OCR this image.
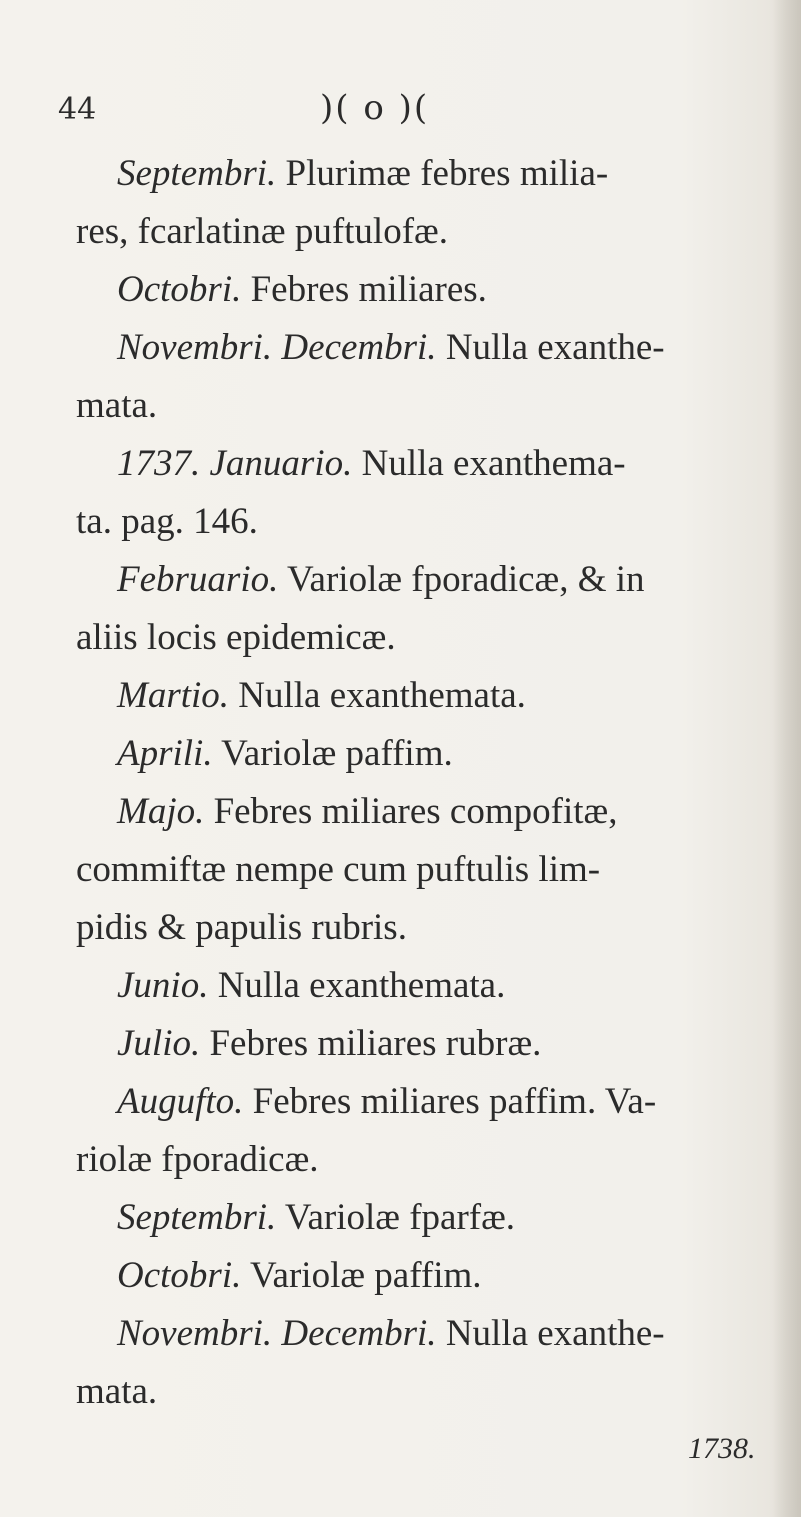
44	)( o )(
Septembri. Plurimæ febres milia-
res, fcarlatinæ puftulofæ.
Octobri. Febres miliares.
Novembri. Decembri. Nulla exanthe-
mata.
1737. Januario. Nulla exanthema-
ta. pag. 146.
Februario. Variolæ fporadicæ, & in
aliis locis epidemicæ.
Martio. Nulla exanthemata.
Aprili. Variolæ paffim.
Majo. Febres miliares compofitæ,
commiftæ nempe cum puftulis lim-
pidis & papulis rubris.
Junio. Nulla exanthemata.
Julio. Febres miliares rubræ.
Augufto. Febres miliares paffim. Va-
riolæ fporadicæ.
Septembri. Variolæ fparfæ.
Octobri. Variolæ paffim.
Novembri. Decembri. Nulla exanthe-
mata.
1738.
